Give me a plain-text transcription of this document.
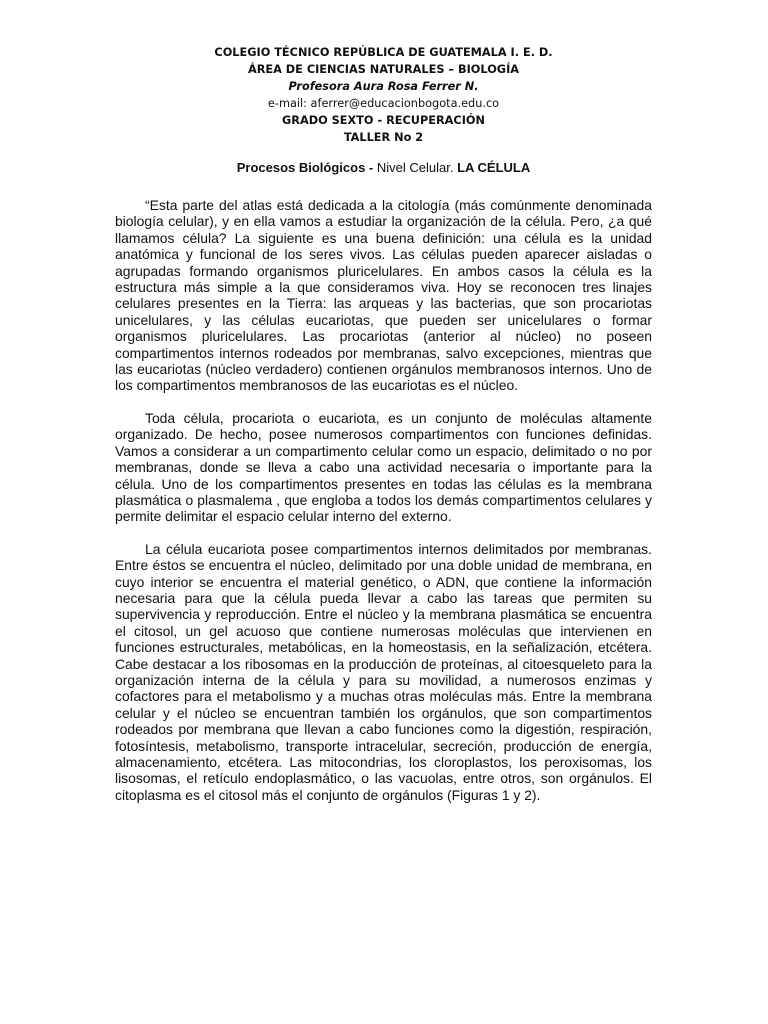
COLEGIO TÉCNICO REPÚBLICA DE GUATEMALA I. E. D.
ÁREA DE CIENCIAS NATURALES – BIOLOGÍA
Profesora Aura Rosa Ferrer N.
e-mail: aferrer@educacionbogota.edu.co
GRADO SEXTO - RECUPERACIÓN
TALLER No 2
Procesos Biológicos - Nivel Celular. LA CÉLULA

“Esta parte del atlas está dedicada a la citología (más comúnmente denominada biología celular), y en ella vamos a estudiar la organización de la célula. Pero, ¿a qué llamamos célula? La siguiente es una buena definición: una célula es la unidad anatómica y funcional de los seres vivos. Las células pueden aparecer aisladas o agrupadas formando organismos pluricelulares. En ambos casos la célula es la estructura más simple a la que consideramos viva. Hoy se reconocen tres linajes celulares presentes en la Tierra: las arqueas y las bacterias, que son procariotas unicelulares, y las células eucariotas, que pueden ser unicelulares o formar organismos pluricelulares. Las procariotas (anterior al núcleo) no poseen compartimentos internos rodeados por membranas, salvo excepciones, mientras que las eucariotas (núcleo verdadero) contienen orgánulos membranosos internos. Uno de los compartimentos membranosos de las eucariotas es el núcleo.

Toda célula, procariota o eucariota, es un conjunto de moléculas altamente organizado. De hecho, posee numerosos compartimentos con funciones definidas. Vamos a considerar a un compartimento celular como un espacio, delimitado o no por membranas, donde se lleva a cabo una actividad necesaria o importante para la célula. Uno de los compartimentos presentes en todas las células es la membrana plasmática o plasmalema , que engloba a todos los demás compartimentos celulares y permite delimitar el espacio celular interno del externo.

La célula eucariota posee compartimentos internos delimitados por membranas. Entre éstos se encuentra el núcleo, delimitado por una doble unidad de membrana, en cuyo interior se encuentra el material genético, o ADN, que contiene la información necesaria para que la célula pueda llevar a cabo las tareas que permiten su supervivencia y reproducción. Entre el núcleo y la membrana plasmática se encuentra el citosol, un gel acuoso que contiene numerosas moléculas que intervienen en funciones estructurales, metabólicas, en la homeostasis, en la señalización, etcétera. Cabe destacar a los ribosomas en la producción de proteínas, al citoesqueleto para la organización interna de la célula y para su movilidad, a numerosos enzimas y cofactores para el metabolismo y a muchas otras moléculas más. Entre la membrana celular y el núcleo se encuentran también los orgánulos, que son compartimentos rodeados por membrana que llevan a cabo funciones como la digestión, respiración, fotosíntesis, metabolismo, transporte intracelular, secreción, producción de energía, almacenamiento, etcétera. Las mitocondrias, los cloroplastos, los peroxisomas, los lisosomas, el retículo endoplasmático, o las vacuolas, entre otros, son orgánulos. El citoplasma es el citosol más el conjunto de orgánulos (Figuras 1 y 2).
